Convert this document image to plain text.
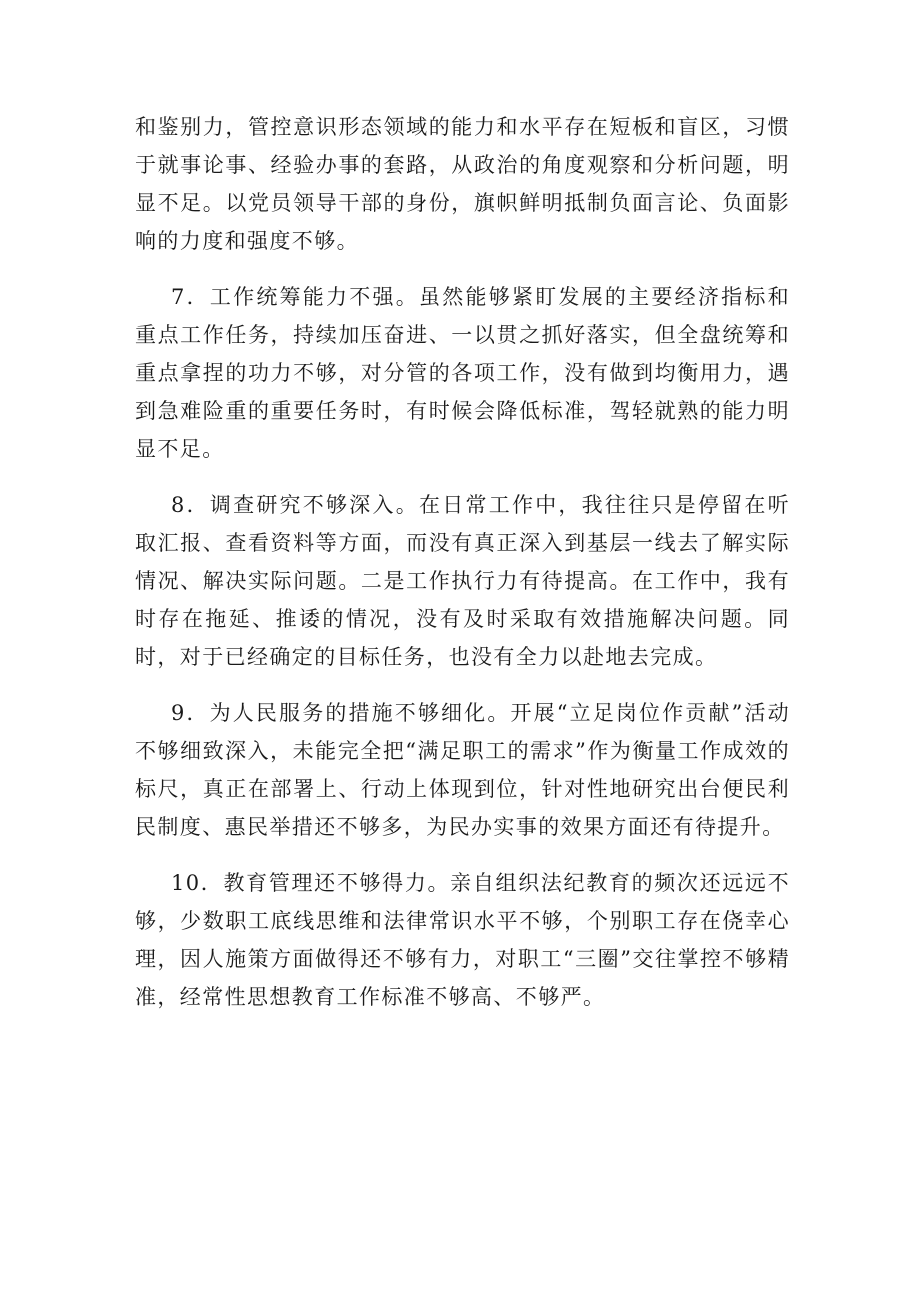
和鉴别力，管控意识形态领域的能力和水平存在短板和盲区，习惯于就事论事、经验办事的套路，从政治的角度观察和分析问题，明显不足。以党员领导干部的身份，旗帜鲜明抵制负面言论、负面影响的力度和强度不够。

7．工作统筹能力不强。虽然能够紧盯发展的主要经济指标和重点工作任务，持续加压奋进、一以贯之抓好落实，但全盘统筹和重点拿捏的功力不够，对分管的各项工作，没有做到均衡用力，遇到急难险重的重要任务时，有时候会降低标准，驾轻就熟的能力明显不足。

8．调查研究不够深入。在日常工作中，我往往只是停留在听取汇报、查看资料等方面，而没有真正深入到基层一线去了解实际情况、解决实际问题。二是工作执行力有待提高。在工作中，我有时存在拖延、推诿的情况，没有及时采取有效措施解决问题。同时，对于已经确定的目标任务，也没有全力以赴地去完成。

9．为人民服务的措施不够细化。开展“立足岗位作贡献”活动不够细致深入，未能完全把“满足职工的需求”作为衡量工作成效的标尺，真正在部署上、行动上体现到位，针对性地研究出台便民利民制度、惠民举措还不够多，为民办实事的效果方面还有待提升。

10．教育管理还不够得力。亲自组织法纪教育的频次还远远不够，少数职工底线思维和法律常识水平不够，个别职工存在侥幸心理，因人施策方面做得还不够有力，对职工“三圈”交往掌控不够精准，经常性思想教育工作标准不够高、不够严。
